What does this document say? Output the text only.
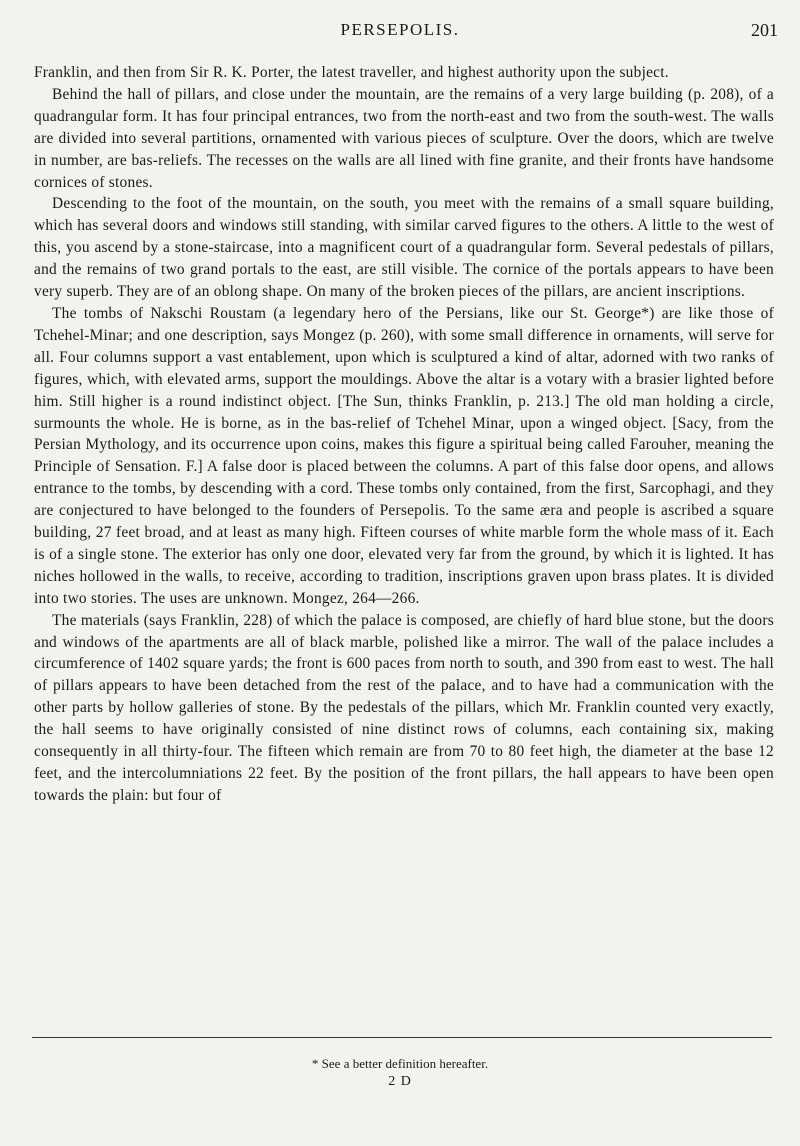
PERSEPOLIS.	201

Franklin, and then from Sir R. K. Porter, the latest traveller, and highest authority upon the subject.

Behind the hall of pillars, and close under the mountain, are the remains of a very large building (p. 208), of a quadrangular form. It has four principal entrances, two from the north-east and two from the south-west. The walls are divided into several partitions, ornamented with various pieces of sculpture. Over the doors, which are twelve in number, are bas-reliefs. The recesses on the walls are all lined with fine granite, and their fronts have handsome cornices of stones.

Descending to the foot of the mountain, on the south, you meet with the remains of a small square building, which has several doors and windows still standing, with similar carved figures to the others. A little to the west of this, you ascend by a stone-staircase, into a magnificent court of a quadrangular form. Several pedestals of pillars, and the remains of two grand portals to the east, are still visible. The cornice of the portals appears to have been very superb. They are of an oblong shape. On many of the broken pieces of the pillars, are ancient inscriptions.

The tombs of Nakschi Roustam (a legendary hero of the Persians, like our St. George*) are like those of Tchehel-Minar; and one description, says Mongez (p. 260), with some small difference in ornaments, will serve for all. Four columns support a vast entablement, upon which is sculptured a kind of altar, adorned with two ranks of figures, which, with elevated arms, support the mouldings. Above the altar is a votary with a brasier lighted before him. Still higher is a round indistinct object. [The Sun, thinks Franklin, p. 213.] The old man holding a circle, surmounts the whole. He is borne, as in the bas-relief of Tchehel Minar, upon a winged object. [Sacy, from the Persian Mythology, and its occurrence upon coins, makes this figure a spiritual being called Farouher, meaning the Principle of Sensation. F.] A false door is placed between the columns. A part of this false door opens, and allows entrance to the tombs, by descending with a cord. These tombs only contained, from the first, Sarcophagi, and they are conjectured to have belonged to the founders of Persepolis. To the same æra and people is ascribed a square building, 27 feet broad, and at least as many high. Fifteen courses of white marble form the whole mass of it. Each is of a single stone. The exterior has only one door, elevated very far from the ground, by which it is lighted. It has niches hollowed in the walls, to receive, according to tradition, inscriptions graven upon brass plates. It is divided into two stories. The uses are unknown. Mongez, 264—266.

The materials (says Franklin, 228) of which the palace is composed, are chiefly of hard blue stone, but the doors and windows of the apartments are all of black marble, polished like a mirror. The wall of the palace includes a circumference of 1402 square yards; the front is 600 paces from north to south, and 390 from east to west. The hall of pillars appears to have been detached from the rest of the palace, and to have had a communication with the other parts by hollow galleries of stone. By the pedestals of the pillars, which Mr. Franklin counted very exactly, the hall seems to have originally consisted of nine distinct rows of columns, each containing six, making consequently in all thirty-four. The fifteen which remain are from 70 to 80 feet high, the diameter at the base 12 feet, and the intercolumniations 22 feet. By the position of the front pillars, the hall appears to have been open towards the plain: but four of

* See a better definition hereafter.
2 D
